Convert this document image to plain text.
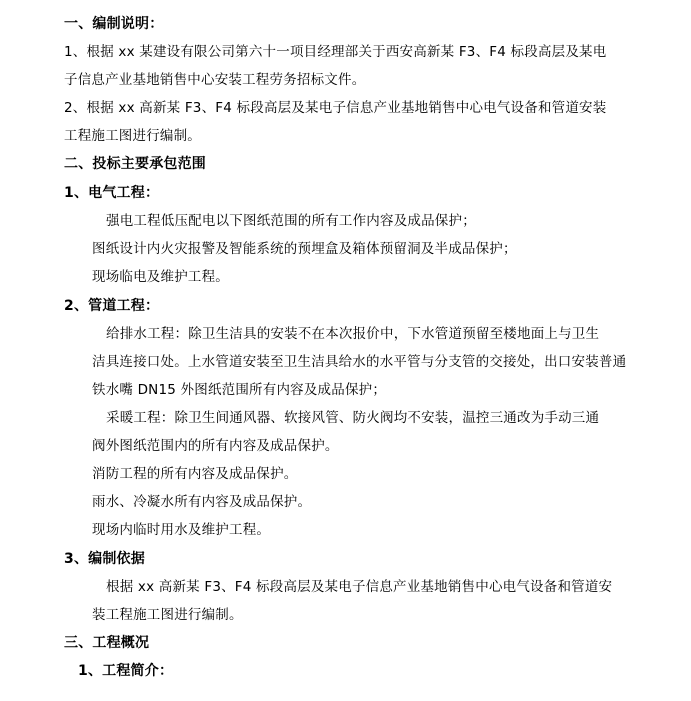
一、编制说明：
1、根据 xx 某建设有限公司第六十一项目经理部关于西安高新某 F3、F4 标段高层及某电
子信息产业基地销售中心安装工程劳务招标文件。
2、根据 xx 高新某 F3、F4 标段高层及某电子信息产业基地销售中心电气设备和管道安装
工程施工图进行编制。
二、投标主要承包范围
1、电气工程：
强电工程低压配电以下图纸范围的所有工作内容及成品保护；
图纸设计内火灾报警及智能系统的预埋盒及箱体预留洞及半成品保护；
现场临电及维护工程。
2、管道工程：
给排水工程：除卫生洁具的安装不在本次报价中，下水管道预留至楼地面上与卫生
洁具连接口处。上水管道安装至卫生洁具给水的水平管与分支管的交接处，出口安装普通
铁水嘴 DN15 外图纸范围所有内容及成品保护；
采暖工程：除卫生间通风器、软接风管、防火阀均不安装，温控三通改为手动三通
阀外图纸范围内的所有内容及成品保护。
消防工程的所有内容及成品保护。
雨水、冷凝水所有内容及成品保护。
现场内临时用水及维护工程。
3、编制依据
根据 xx 高新某 F3、F4 标段高层及某电子信息产业基地销售中心电气设备和管道安
装工程施工图进行编制。
三、工程概况
1、工程简介：
